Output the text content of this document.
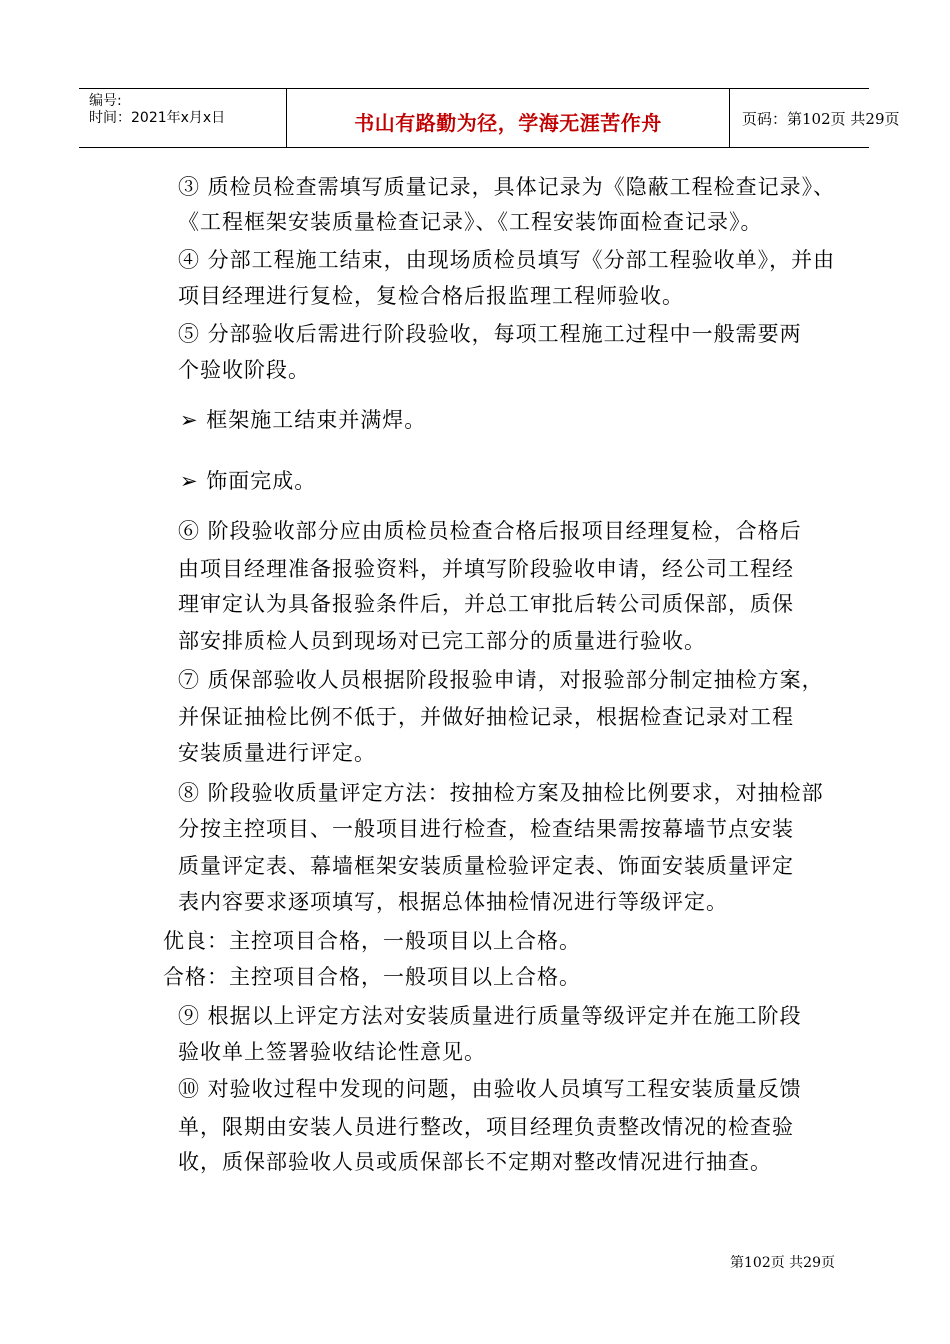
编号:
时间：2021年x月x日	书山有路勤为径，学海无涯苦作舟	页码：第102页 共29页
③ 质检员检查需填写质量记录，具体记录为《隐蔽工程检查记录》、
《工程框架安装质量检查记录》、《工程安装饰面检查记录》。
④ 分部工程施工结束，由现场质检员填写《分部工程验收单》，并由
项目经理进行复检，复检合格后报监理工程师验收。
⑤ 分部验收后需进行阶段验收，每项工程施工过程中一般需要两
个验收阶段。
➢ 框架施工结束并满焊。
➢ 饰面完成。
⑥ 阶段验收部分应由质检员检查合格后报项目经理复检，合格后
由项目经理准备报验资料，并填写阶段验收申请，经公司工程经
理审定认为具备报验条件后，并总工审批后转公司质保部，质保
部安排质检人员到现场对已完工部分的质量进行验收。
⑦ 质保部验收人员根据阶段报验申请，对报验部分制定抽检方案，
并保证抽检比例不低于，并做好抽检记录，根据检查记录对工程
安装质量进行评定。
⑧ 阶段验收质量评定方法：按抽检方案及抽检比例要求，对抽检部
分按主控项目、一般项目进行检查，检查结果需按幕墙节点安装
质量评定表、幕墙框架安装质量检验评定表、饰面安装质量评定
表内容要求逐项填写，根据总体抽检情况进行等级评定。
优良：主控项目合格，一般项目以上合格。
合格：主控项目合格，一般项目以上合格。
⑨ 根据以上评定方法对安装质量进行质量等级评定并在施工阶段
验收单上签署验收结论性意见。
⑩ 对验收过程中发现的问题，由验收人员填写工程安装质量反馈
单，限期由安装人员进行整改，项目经理负责整改情况的检查验
收，质保部验收人员或质保部长不定期对整改情况进行抽查。
第102页 共29页
